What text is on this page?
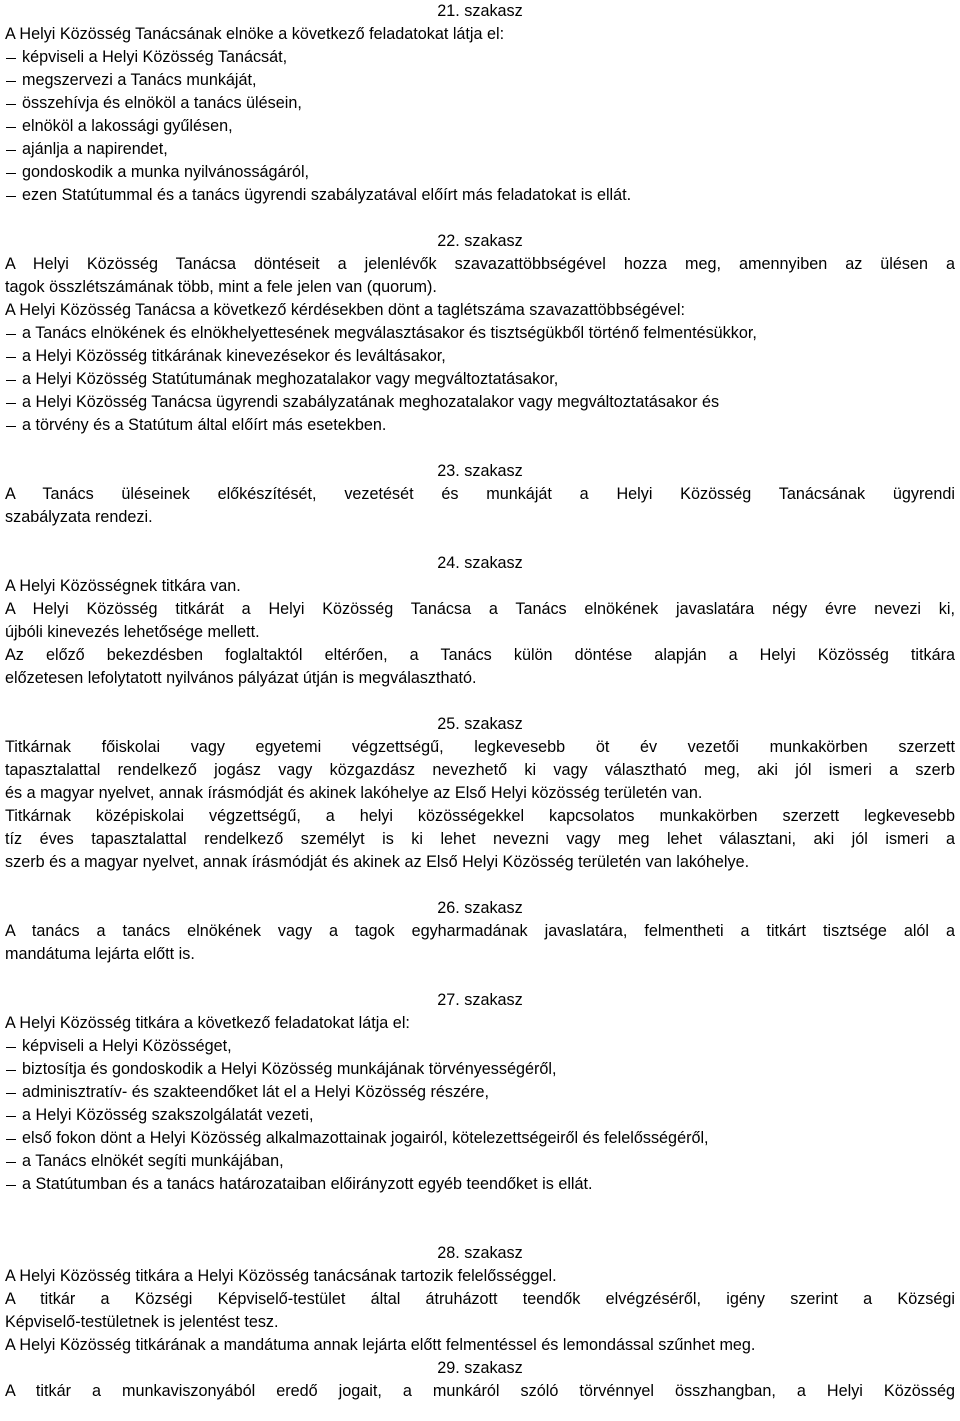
21. szakasz
A Helyi Közösség Tanácsának elnöke a következő feladatokat látja el:
képviseli a Helyi Közösség Tanácsát,
megszervezi a Tanács munkáját,
összehívja és elnököl a tanács ülésein,
elnököl a lakossági gyűlésen,
ajánlja a napirendet,
gondoskodik a munka nyilvánosságáról,
ezen Statútummal és a tanács ügyrendi szabályzatával előírt más feladatokat is ellát.
22. szakasz
A Helyi Közösség Tanácsa döntéseit a jelenlévők szavazattöbbségével hozza meg, amennyiben az ülésen a
tagok összlétszámának több, mint a fele jelen van (quorum).
A Helyi Közösség Tanácsa a következő kérdésekben dönt a taglétszáma szavazattöbbségével:
a Tanács elnökének és elnökhelyettesének megválasztásakor és tisztségükből történő felmentésükkor,
a Helyi Közösség titkárának kinevezésekor és leváltásakor,
a Helyi Közösség Statútumának meghozatalakor vagy megváltoztatásakor,
a Helyi Közösség Tanácsa ügyrendi szabályzatának meghozatalakor vagy megváltoztatásakor és
a törvény és a Statútum által előírt más esetekben.
23. szakasz
A Tanács üléseinek előkészítését, vezetését és munkáját a Helyi Közösség Tanácsának ügyrendi
szabályzata rendezi.
24. szakasz
A Helyi Közösségnek titkára van.
A Helyi Közösség titkárát a Helyi Közösség Tanácsa a Tanács elnökének javaslatára négy évre nevezi ki,
újbóli kinevezés lehetősége mellett.
Az előző bekezdésben foglaltaktól eltérően, a Tanács külön döntése alapján a Helyi Közösség titkára
előzetesen lefolytatott nyilvános pályázat útján is megválasztható.
25. szakasz
Titkárnak főiskolai vagy egyetemi végzettségű, legkevesebb öt év vezetői munkakörben szerzett
tapasztalattal rendelkező jogász vagy közgazdász nevezhető ki vagy választható meg, aki jól ismeri a szerb
és a magyar nyelvet, annak írásmódját és akinek lakóhelye az Első Helyi közösség területén van.
Titkárnak középiskolai végzettségű, a helyi közösségekkel kapcsolatos munkakörben szerzett legkevesebb
tíz éves tapasztalattal rendelkező személyt is ki lehet nevezni vagy meg lehet választani, aki jól ismeri a
szerb és a magyar nyelvet, annak írásmódját és akinek az Első Helyi Közösség területén van lakóhelye.
26. szakasz
A tanács a tanács elnökének vagy a tagok egyharmadának javaslatára, felmentheti a titkárt tisztsége alól a
mandátuma lejárta előtt is.
27. szakasz
A Helyi Közösség titkára a következő feladatokat látja el:
képviseli a Helyi Közösséget,
biztosítja és gondoskodik a Helyi Közösség munkájának törvényességéről,
adminisztratív- és szakteendőket lát el a Helyi Közösség részére,
a Helyi Közösség szakszolgálatát vezeti,
első fokon dönt a Helyi Közösség alkalmazottainak jogairól, kötelezettségeiről és felelősségéről,
a Tanács elnökét segíti munkájában,
a Statútumban és a tanács határozataiban előirányzott egyéb teendőket is ellát.
28. szakasz
A Helyi Közösség titkára a Helyi Közösség tanácsának tartozik felelősséggel.
A titkár a Községi Képviselő-testület által átruházott teendők elvégzéséről, igény szerint a Községi
Képviselő-testületnek is jelentést tesz.
A Helyi Közösség titkárának a mandátuma annak lejárta előtt felmentéssel és lemondással szűnhet meg.
29. szakasz
A titkár a munkaviszonyából eredő jogait, a munkáról szóló törvénnyel összhangban, a Helyi Közösség
